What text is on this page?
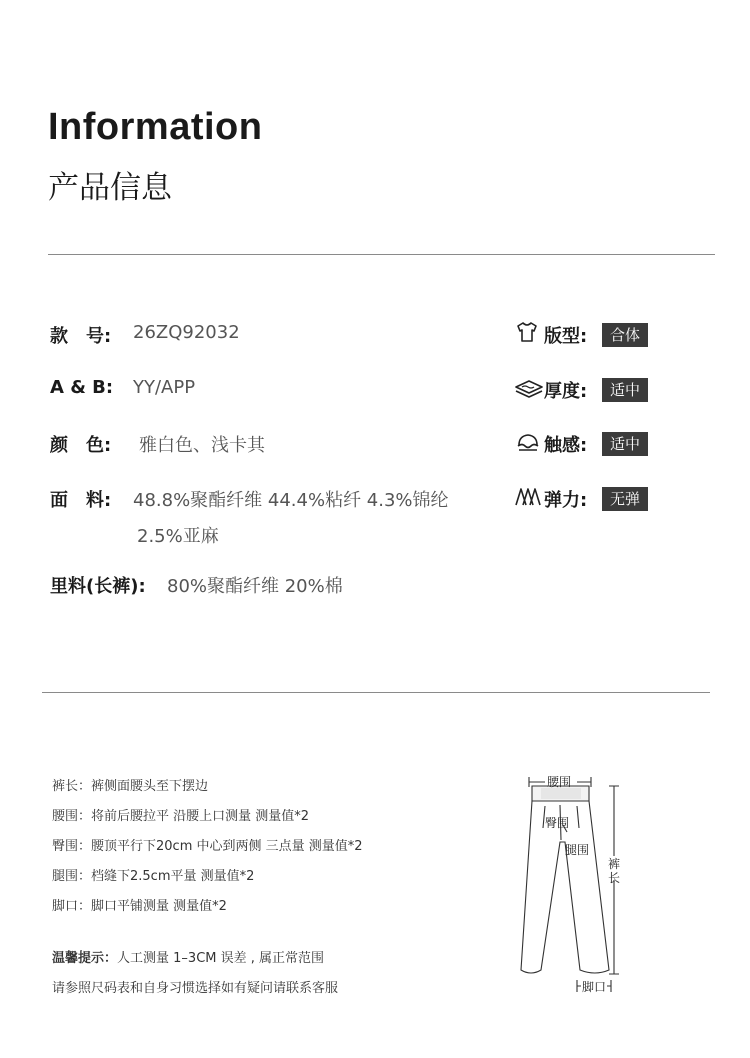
Information
产品信息
款　号: 26ZQ92032
A & B: YY/APP
颜　色: 雅白色、浅卡其
面　料: 48.8%聚酯纤维 44.4%粘纤 4.3%锦纶
2.5%亚麻
里料(长裤): 80%聚酯纤维 20%棉
版型:	合体
厚度:	适中
触感:	适中
弹力:	无弹
裤长：裤侧面腰头至下摆边
腰围：将前后腰拉平 沿腰上口测量 测量值*2
臀围：腰顶平行下20cm 中心到两侧 三点量 测量值*2
腿围：档缝下2.5cm平量 测量值*2
脚口：脚口平铺测量 测量值*2
温馨提示：人工测量 1–3CM 误差 , 属正常范围
请参照尺码表和自身习惯选择如有疑问请联系客服
腰围
臀围
腿围
裤
长
脚口
